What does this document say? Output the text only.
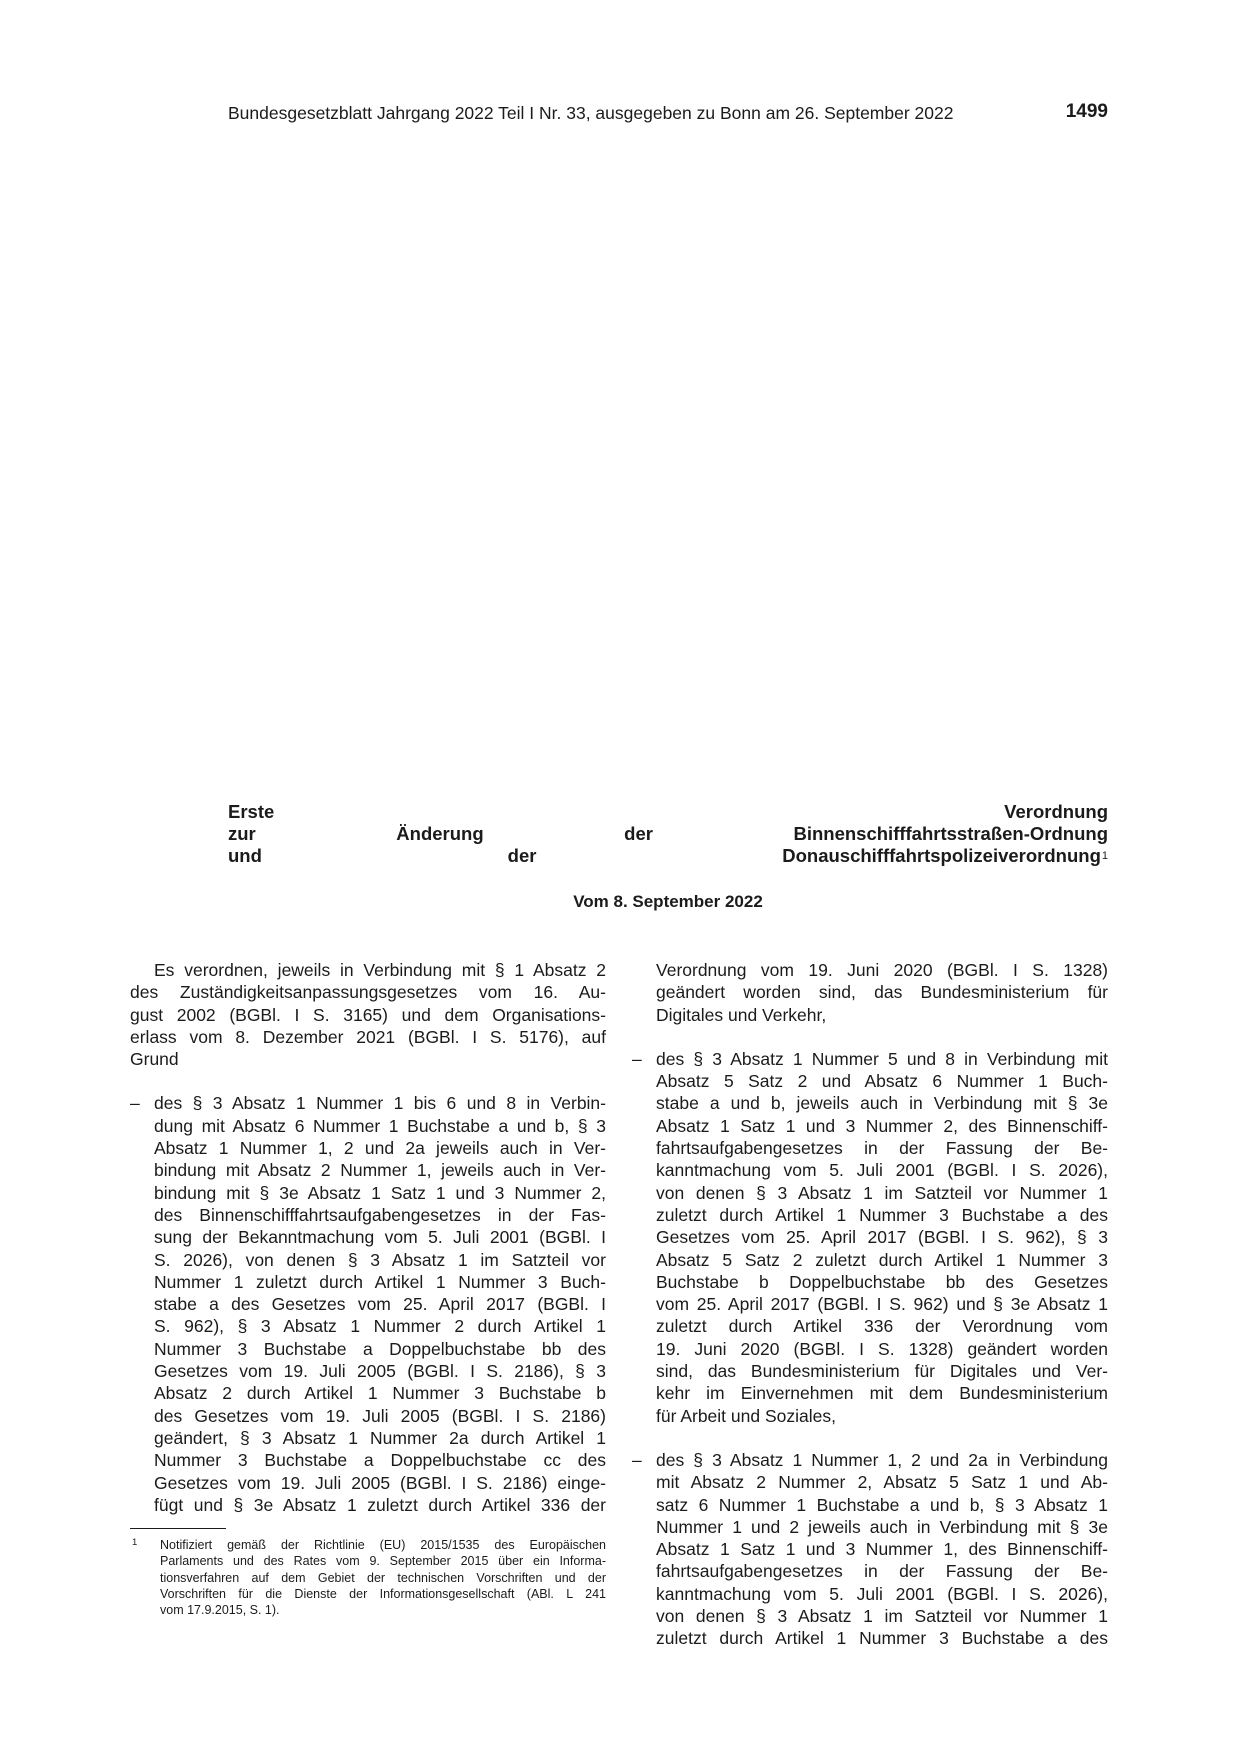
Bundesgesetzblatt Jahrgang 2022 Teil I Nr. 33, ausgegeben zu Bonn am 26. September 2022	1499
Erste Verordnung
zur Änderung der Binnenschifffahrtsstraßen-Ordnung
und der Donauschifffahrtspolizeiverordnung$^1$
Vom 8. September 2022
Es verordnen, jeweils in Verbindung mit § 1 Absatz 2
des Zuständigkeitsanpassungsgesetzes vom 16. Au-
gust 2002 (BGBl. I S. 3165) und dem Organisations-
erlass vom 8. Dezember 2021 (BGBl. I S. 5176), auf
Grund
– des § 3 Absatz 1 Nummer 1 bis 6 und 8 in Verbin-
dung mit Absatz 6 Nummer 1 Buchstabe a und b, § 3
Absatz 1 Nummer 1, 2 und 2a jeweils auch in Ver-
bindung mit Absatz 2 Nummer 1, jeweils auch in Ver-
bindung mit § 3e Absatz 1 Satz 1 und 3 Nummer 2,
des Binnenschifffahrtsaufgabengesetzes in der Fas-
sung der Bekanntmachung vom 5. Juli 2001 (BGBl. I
S. 2026), von denen § 3 Absatz 1 im Satzteil vor
Nummer 1 zuletzt durch Artikel 1 Nummer 3 Buch-
stabe a des Gesetzes vom 25. April 2017 (BGBl. I
S. 962), § 3 Absatz 1 Nummer 2 durch Artikel 1
Nummer 3 Buchstabe a Doppelbuchstabe bb des
Gesetzes vom 19. Juli 2005 (BGBl. I S. 2186), § 3
Absatz 2 durch Artikel 1 Nummer 3 Buchstabe b
des Gesetzes vom 19. Juli 2005 (BGBl. I S. 2186)
geändert, § 3 Absatz 1 Nummer 2a durch Artikel 1
Nummer 3 Buchstabe a Doppelbuchstabe cc des
Gesetzes vom 19. Juli 2005 (BGBl. I S. 2186) einge-
fügt und § 3e Absatz 1 zuletzt durch Artikel 336 der
Verordnung vom 19. Juni 2020 (BGBl. I S. 1328)
geändert worden sind, das Bundesministerium für
Digitales und Verkehr,
– des § 3 Absatz 1 Nummer 5 und 8 in Verbindung mit
Absatz 5 Satz 2 und Absatz 6 Nummer 1 Buch-
stabe a und b, jeweils auch in Verbindung mit § 3e
Absatz 1 Satz 1 und 3 Nummer 2, des Binnenschiff-
fahrtsaufgabengesetzes in der Fassung der Be-
kanntmachung vom 5. Juli 2001 (BGBl. I S. 2026),
von denen § 3 Absatz 1 im Satzteil vor Nummer 1
zuletzt durch Artikel 1 Nummer 3 Buchstabe a des
Gesetzes vom 25. April 2017 (BGBl. I S. 962), § 3
Absatz 5 Satz 2 zuletzt durch Artikel 1 Nummer 3
Buchstabe b Doppelbuchstabe bb des Gesetzes
vom 25. April 2017 (BGBl. I S. 962) und § 3e Absatz 1
zuletzt durch Artikel 336 der Verordnung vom
19. Juni 2020 (BGBl. I S. 1328) geändert worden
sind, das Bundesministerium für Digitales und Ver-
kehr im Einvernehmen mit dem Bundesministerium
für Arbeit und Soziales,
– des § 3 Absatz 1 Nummer 1, 2 und 2a in Verbindung
mit Absatz 2 Nummer 2, Absatz 5 Satz 1 und Ab-
satz 6 Nummer 1 Buchstabe a und b, § 3 Absatz 1
Nummer 1 und 2 jeweils auch in Verbindung mit § 3e
Absatz 1 Satz 1 und 3 Nummer 1, des Binnenschiff-
fahrtsaufgabengesetzes in der Fassung der Be-
kanntmachung vom 5. Juli 2001 (BGBl. I S. 2026),
von denen § 3 Absatz 1 im Satzteil vor Nummer 1
zuletzt durch Artikel 1 Nummer 3 Buchstabe a des
1 Notifiziert gemäß der Richtlinie (EU) 2015/1535 des Europäischen
Parlaments und des Rates vom 9. September 2015 über ein Informa-
tionsverfahren auf dem Gebiet der technischen Vorschriften und der
Vorschriften für die Dienste der Informationsgesellschaft (ABl. L 241
vom 17.9.2015, S. 1).
